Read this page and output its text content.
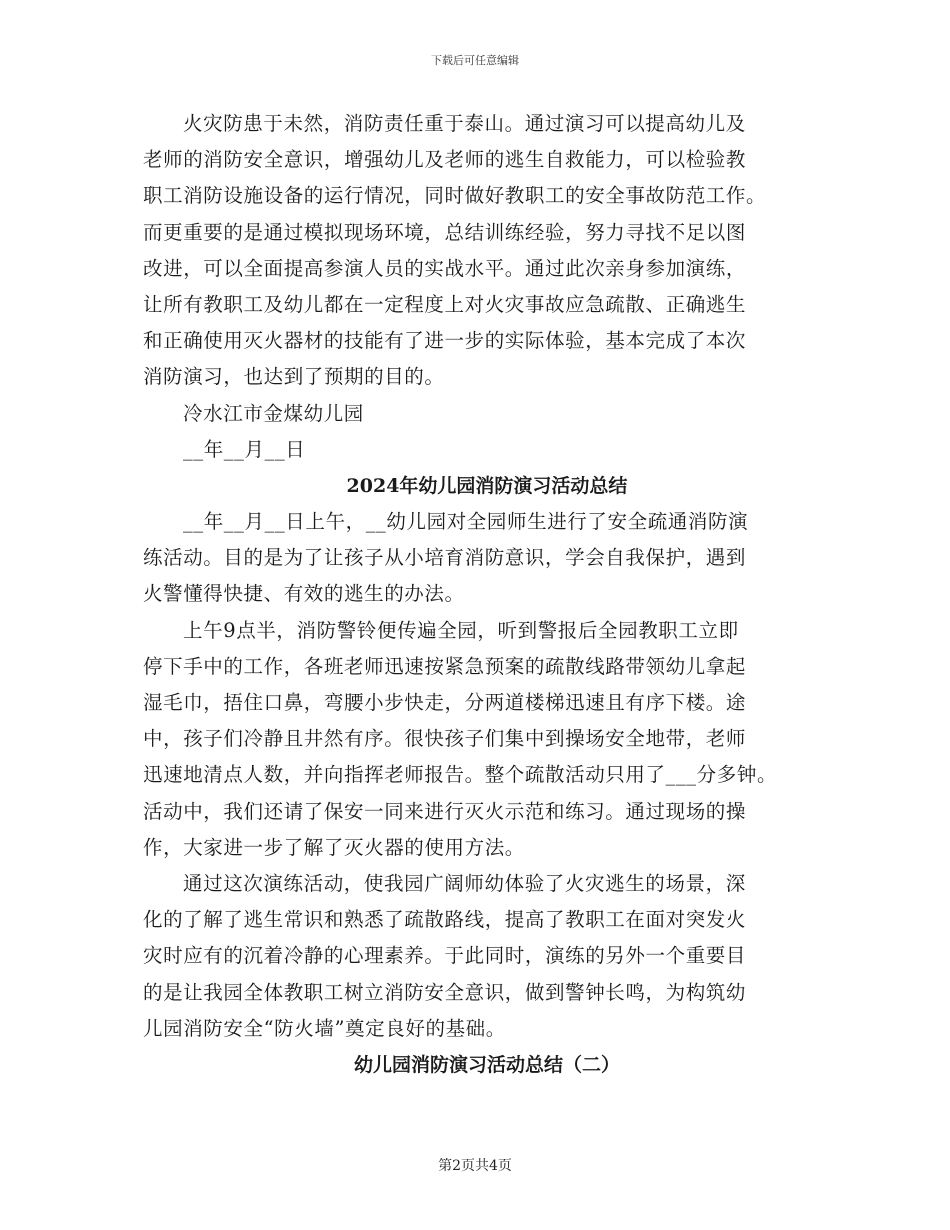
下载后可任意编辑
火灾防患于未然，消防责任重于泰山。通过演习可以提高幼儿及
老师的消防安全意识，增强幼儿及老师的逃生自救能力，可以检验教
职工消防设施设备的运行情况，同时做好教职工的安全事故防范工作。
而更重要的是通过模拟现场环境，总结训练经验，努力寻找不足以图
改进，可以全面提高参演人员的实战水平。通过此次亲身参加演练，
让所有教职工及幼儿都在一定程度上对火灾事故应急疏散、正确逃生
和正确使用灭火器材的技能有了进一步的实际体验，基本完成了本次
消防演习，也达到了预期的目的。
冷水江市金煤幼儿园
__年__月__日
2024年幼儿园消防演习活动总结
__年__月__日上午，__幼儿园对全园师生进行了安全疏通消防演
练活动。目的是为了让孩子从小培育消防意识，学会自我保护，遇到
火警懂得快捷、有效的逃生的办法。
上午9点半，消防警铃便传遍全园，听到警报后全园教职工立即
停下手中的工作，各班老师迅速按紧急预案的疏散线路带领幼儿拿起
湿毛巾，捂住口鼻，弯腰小步快走，分两道楼梯迅速且有序下楼。途
中，孩子们冷静且井然有序。很快孩子们集中到操场安全地带，老师
迅速地清点人数，并向指挥老师报告。整个疏散活动只用了___分多钟。
活动中，我们还请了保安一同来进行灭火示范和练习。通过现场的操
作，大家进一步了解了灭火器的使用方法。
通过这次演练活动，使我园广阔师幼体验了火灾逃生的场景，深
化的了解了逃生常识和熟悉了疏散路线，提高了教职工在面对突发火
灾时应有的沉着冷静的心理素养。于此同时，演练的另外一个重要目
的是让我园全体教职工树立消防安全意识，做到警钟长鸣，为构筑幼
儿园消防安全“防火墙”奠定良好的基础。
幼儿园消防演习活动总结（二）
第2页共4页
